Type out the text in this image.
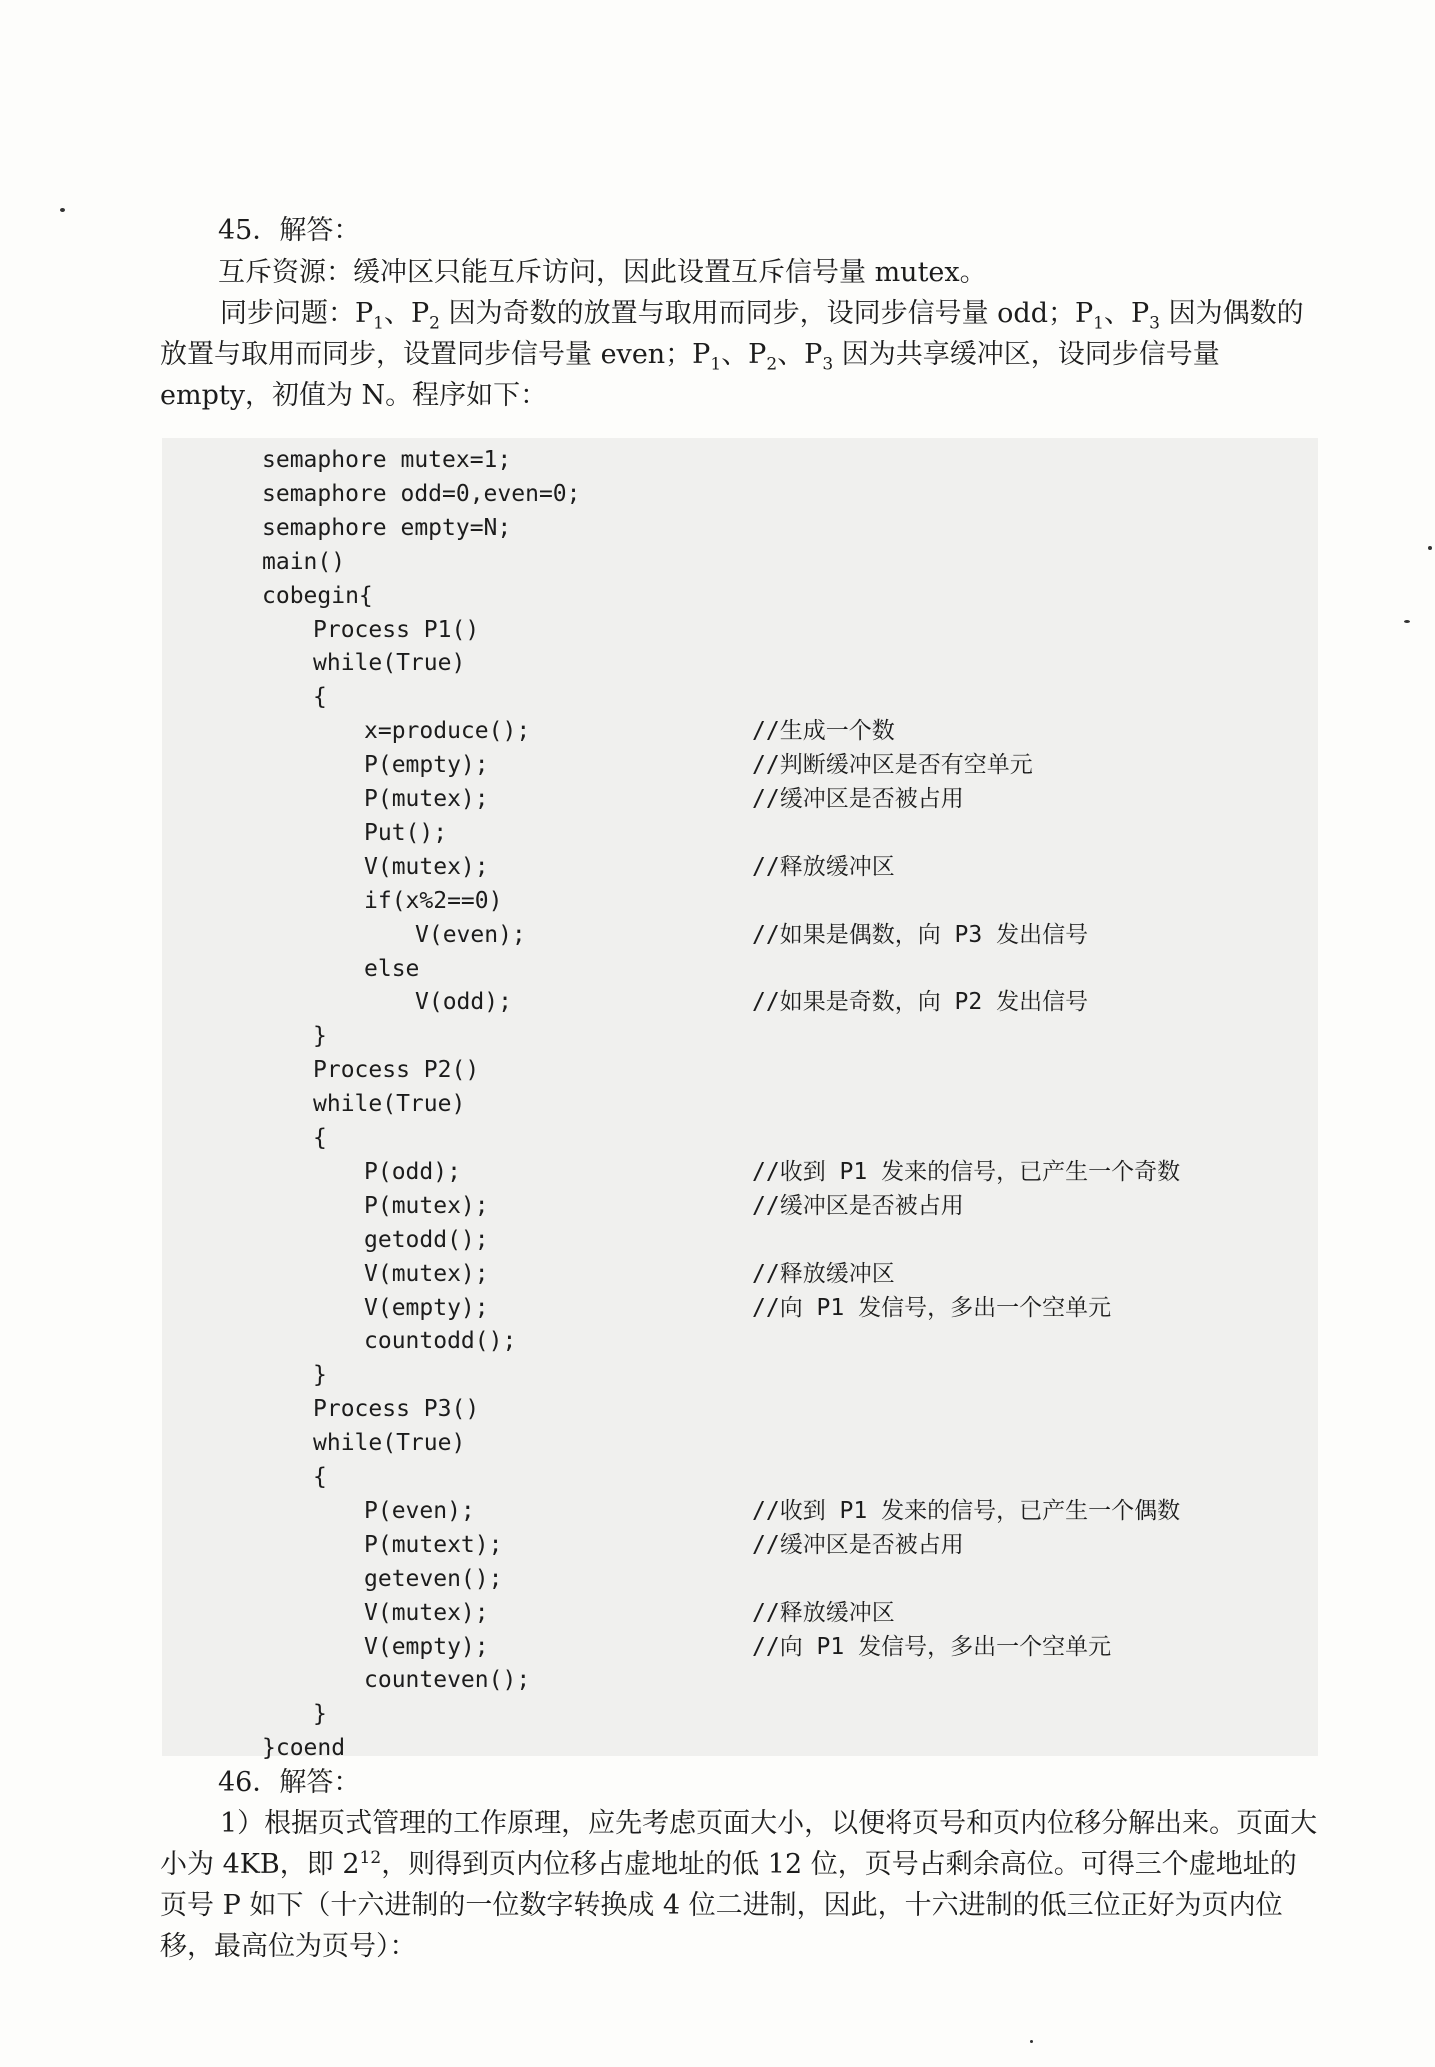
45．解答：
互斥资源：缓冲区只能互斥访问，因此设置互斥信号量 mutex。
同步问题：$P_1$、$P_2$ 因为奇数的放置与取用而同步，设同步信号量 odd；$P_1$、$P_3$ 因为偶数的放置与取用而同步，设置同步信号量 even；$P_1$、$P_2$、$P_3$ 因为共享缓冲区，设同步信号量 empty，初值为 N。程序如下：
semaphore mutex=1;
semaphore odd=0,even=0;
semaphore empty=N;
main()
cobegin{
Process P1()
while(True)
{
x=produce();	//生成一个数
P(empty);	//判断缓冲区是否有空单元
P(mutex);	//缓冲区是否被占用
Put();
V(mutex);	//释放缓冲区
if(x%2==0)
V(even);	//如果是偶数，向 P3 发出信号
else
V(odd);	//如果是奇数，向 P2 发出信号
}
Process P2()
while(True)
{
P(odd);	//收到 P1 发来的信号，已产生一个奇数
P(mutex);	//缓冲区是否被占用
getodd();
V(mutex);	//释放缓冲区
V(empty);	//向 P1 发信号，多出一个空单元
countodd();
}
Process P3()
while(True)
{
P(even);	//收到 P1 发来的信号，已产生一个偶数
P(mutext);	//缓冲区是否被占用
geteven();
V(mutex);	//释放缓冲区
V(empty);	//向 P1 发信号，多出一个空单元
counteven();
}
}coend
46．解答：
1）根据页式管理的工作原理，应先考虑页面大小，以便将页号和页内位移分解出来。页面大小为 4KB，即 $2^{12}$，则得到页内位移占虚地址的低 12 位，页号占剩余高位。可得三个虚地址的页号 P 如下（十六进制的一位数字转换成 4 位二进制，因此，十六进制的低三位正好为页内位移，最高位为页号）：
